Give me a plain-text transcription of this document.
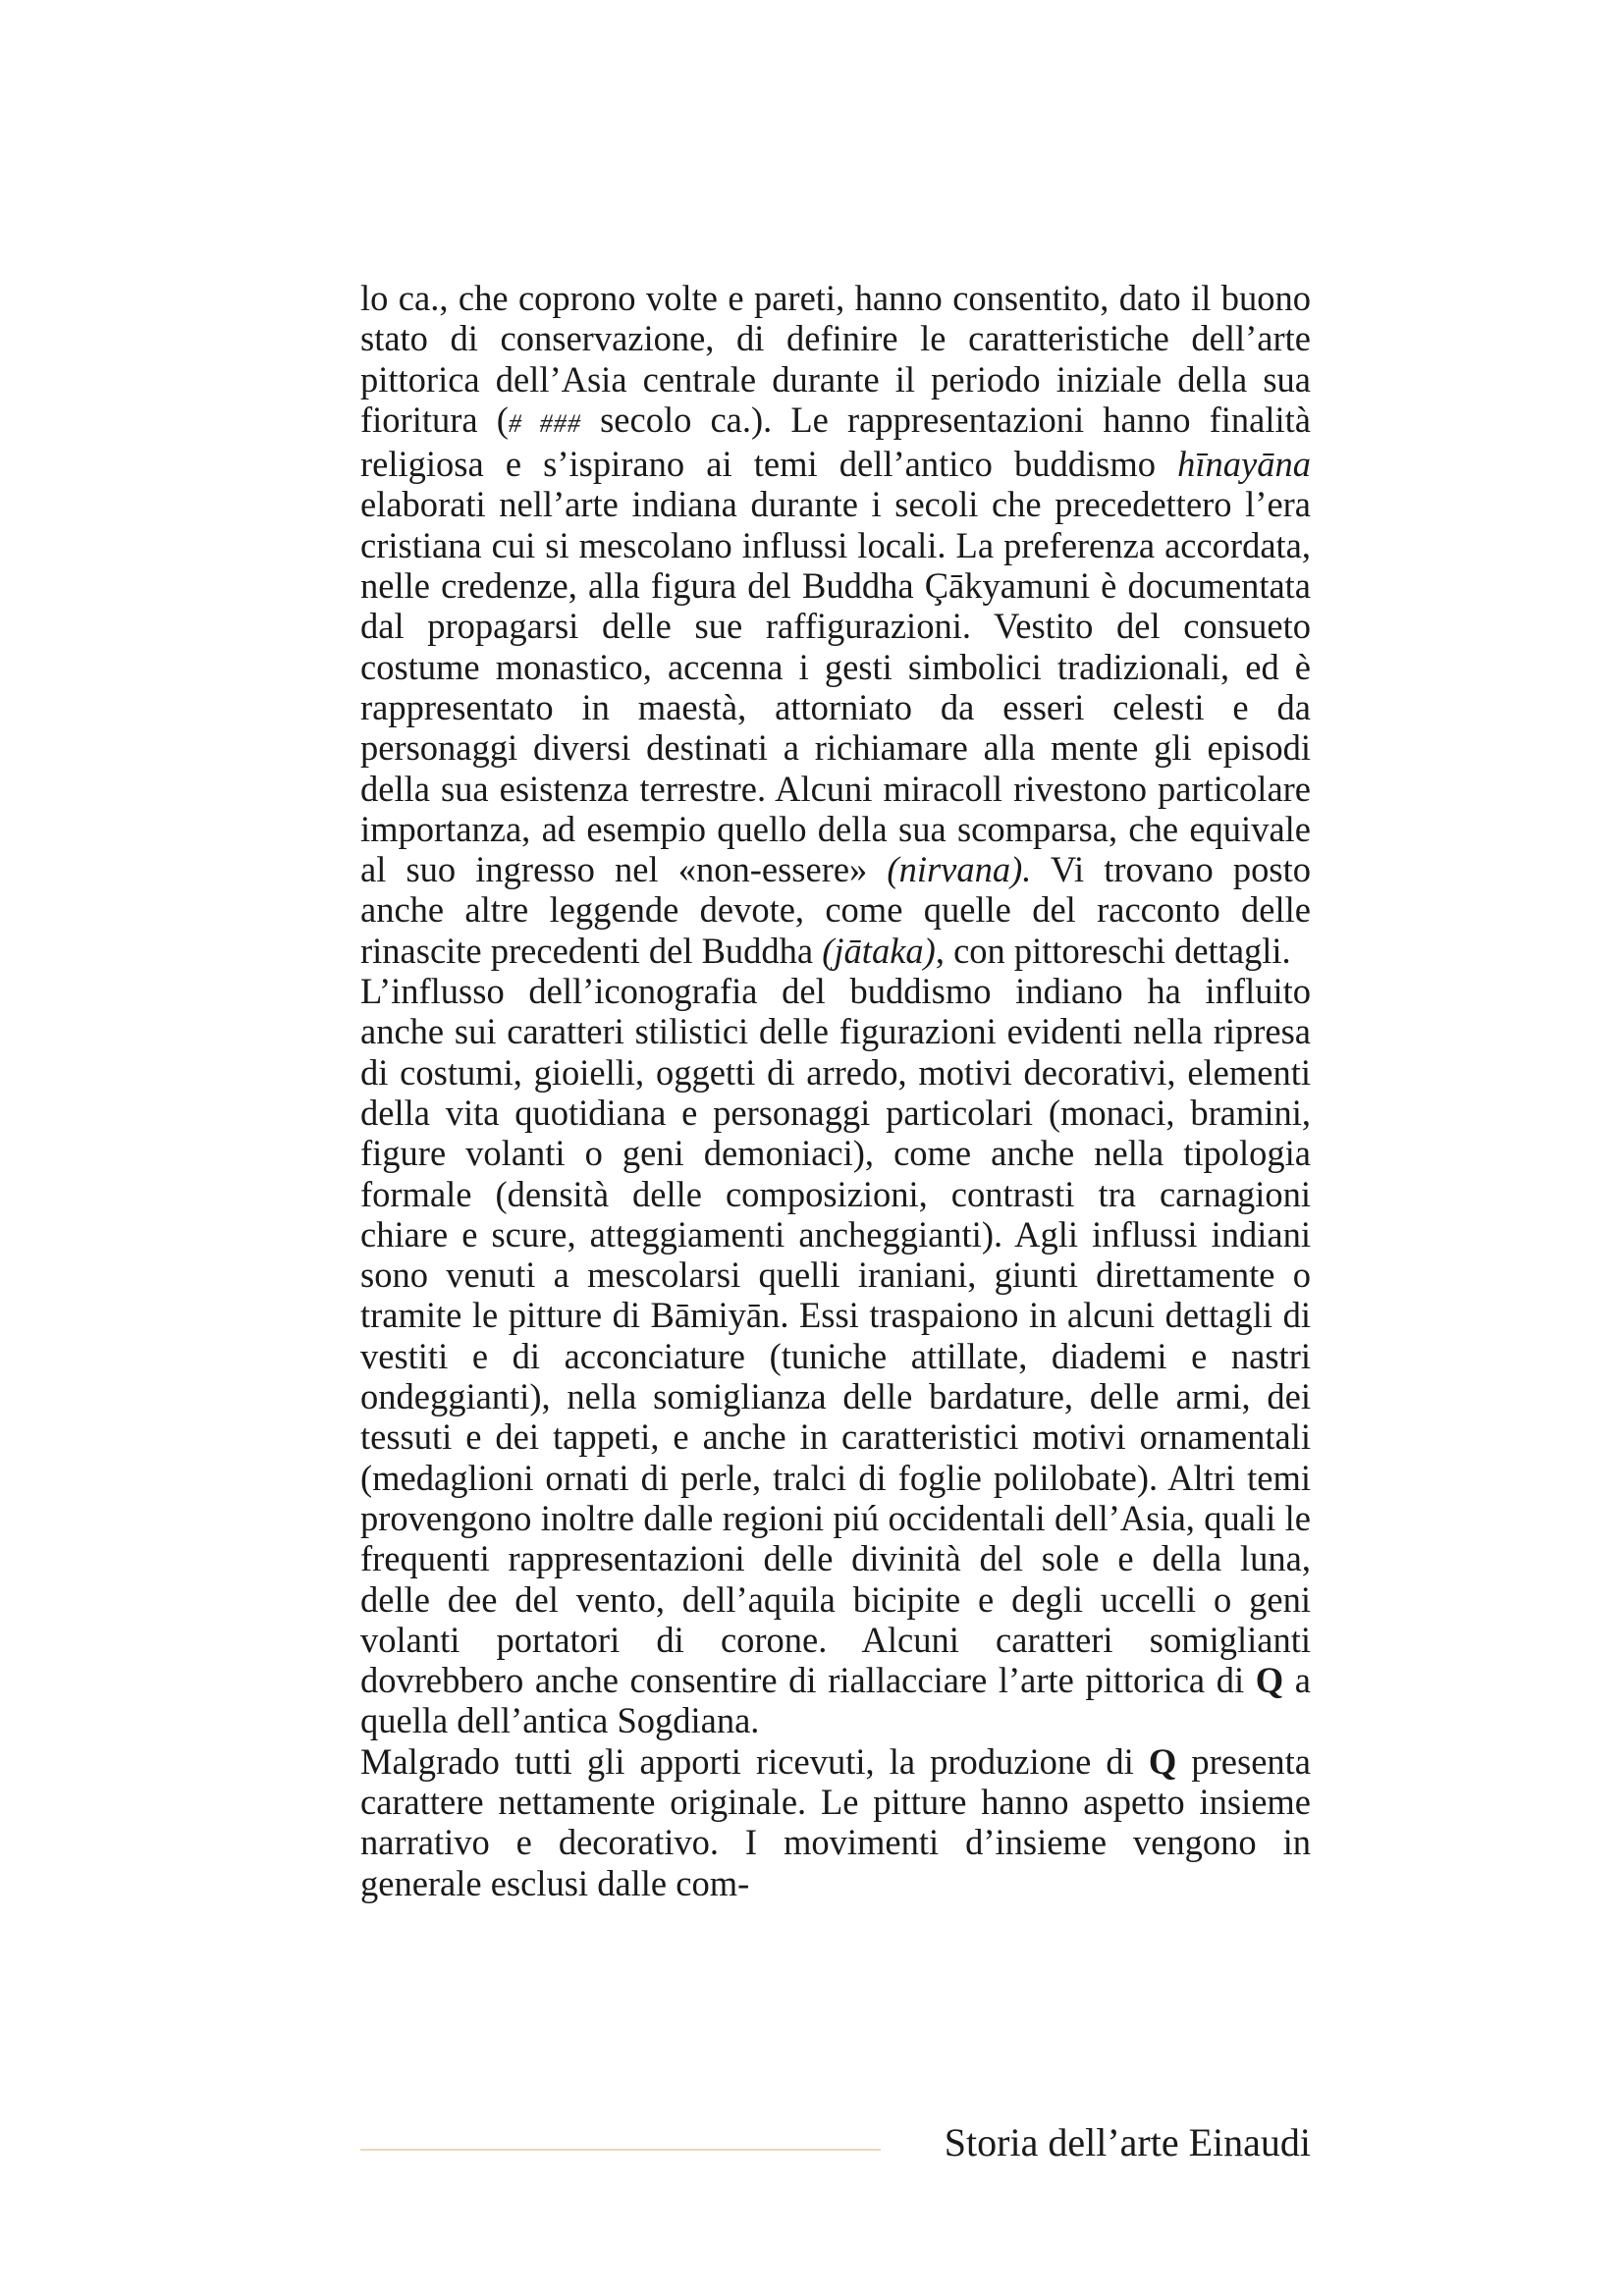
lo ca., che coprono volte e pareti, hanno consentito, dato il buono stato di conservazione, di definire le caratteristiche dell’arte pittorica dell’Asia centrale durante il periodo iniziale della sua fioritura (# ### secolo ca.). Le rappresentazioni hanno finalità religiosa e s’ispirano ai temi dell’antico buddismo hīnayāna elaborati nell’arte indiana durante i secoli che precedettero l’era cristiana cui si mescolano influssi locali. La preferenza accordata, nelle credenze, alla figura del Buddha Çākyamuni è documentata dal propagarsi delle sue raffigurazioni. Vestito del consueto costume monastico, accenna i gesti simbolici tradizionali, ed è rappresentato in maestà, attorniato da esseri celesti e da personaggi diversi destinati a richiamare alla mente gli episodi della sua esistenza terrestre. Alcuni miracoll rivestono particolare importanza, ad esempio quello della sua scomparsa, che equivale al suo ingresso nel «non-essere» (nirvana). Vi trovano posto anche altre leggende devote, come quelle del racconto delle rinascite precedenti del Buddha (jātaka), con pittoreschi dettagli.

L’influsso dell’iconografia del buddismo indiano ha influito anche sui caratteri stilistici delle figurazioni evidenti nella ripresa di costumi, gioielli, oggetti di arredo, motivi decorativi, elementi della vita quotidiana e personaggi particolari (monaci, bramini, figure volanti o geni demoniaci), come anche nella tipologia formale (densità delle composizioni, contrasti tra carnagioni chiare e scure, atteggiamenti ancheggianti). Agli influssi indiani sono venuti a mescolarsi quelli iraniani, giunti direttamente o tramite le pitture di Bāmiyān. Essi traspaiono in alcuni dettagli di vestiti e di acconciature (tuniche attillate, diademi e nastri ondeggianti), nella somiglianza delle bardature, delle armi, dei tessuti e dei tappeti, e anche in caratteristici motivi ornamentali (medaglioni ornati di perle, tralci di foglie polilobate). Altri temi provengono inoltre dalle regioni piú occidentali dell’Asia, quali le frequenti rappresentazioni delle divinità del sole e della luna, delle dee del vento, dell’aquila bicipite e degli uccelli o geni volanti portatori di corone. Alcuni caratteri somiglianti dovrebbero anche consentire di riallacciare l’arte pittorica di Q a quella dell’antica Sogdiana.

Malgrado tutti gli apporti ricevuti, la produzione di Q presenta carattere nettamente originale. Le pitture hanno aspetto insieme narrativo e decorativo. I movimenti d’insieme vengono in generale esclusi dalle com-

Storia dell’arte Einaudi
